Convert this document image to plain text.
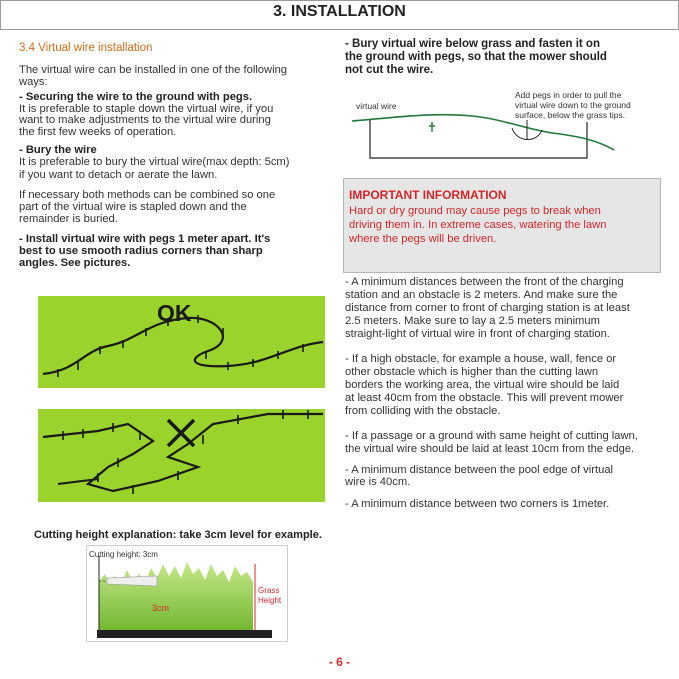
3. INSTALLATION
3.4 Virtual wire installation
The virtual wire can be installed in one of the following
ways:
- Securing the wire to the ground with pegs.
It is preferable to staple down the virtual wire, if you
want to make adjustments to the virtual wire during
the first few weeks of operation.
- Bury the wire
It is preferable to bury the virtual wire(max depth: 5cm)
if you want to detach or aerate the lawn.
If necessary both methods can be combined so one
part of the virtual wire is stapled down and the
remainder is buried.
- Install virtual wire with pegs 1 meter apart. It's
best to use smooth radius corners than sharp
angles. See pictures.
OK
Cutting height explanation: take 3cm level for example.
Cutting height: 3cm
Grass
Height
3cm
- Bury virtual wire below grass and fasten it on
the ground with pegs, so that the mower should
not cut the wire.
Add pegs in order to pull the
virtual wire down to the ground
surface, below the grass tips.
virtual wire
IMPORTANT INFORMATION
Hard or dry ground may cause pegs to break when
driving them in. In extreme cases, watering the lawn
where the pegs will be driven.
- A minimum distances between the front of the charging
station and an obstacle is 2 meters. And make sure the
distance from corner to front of charging station is at least
2.5 meters. Make sure to lay a 2.5 meters minimum
straight-light of virtual wire in front of charging station.
- If a high obstacle, for example a house, wall, fence or
other obstacle which is higher than the cutting lawn
borders the working area, the virtual wire should be laid
at least 40cm from the obstacle. This will prevent mower
from colliding with the obstacle.
- If a passage or a ground with same height of cutting lawn,
the virtual wire should be laid at least 10cm from the edge.
- A minimum distance between the pool edge of virtual
wire is 40cm.
- A minimum distance between two corners is 1meter.
- 6 -
